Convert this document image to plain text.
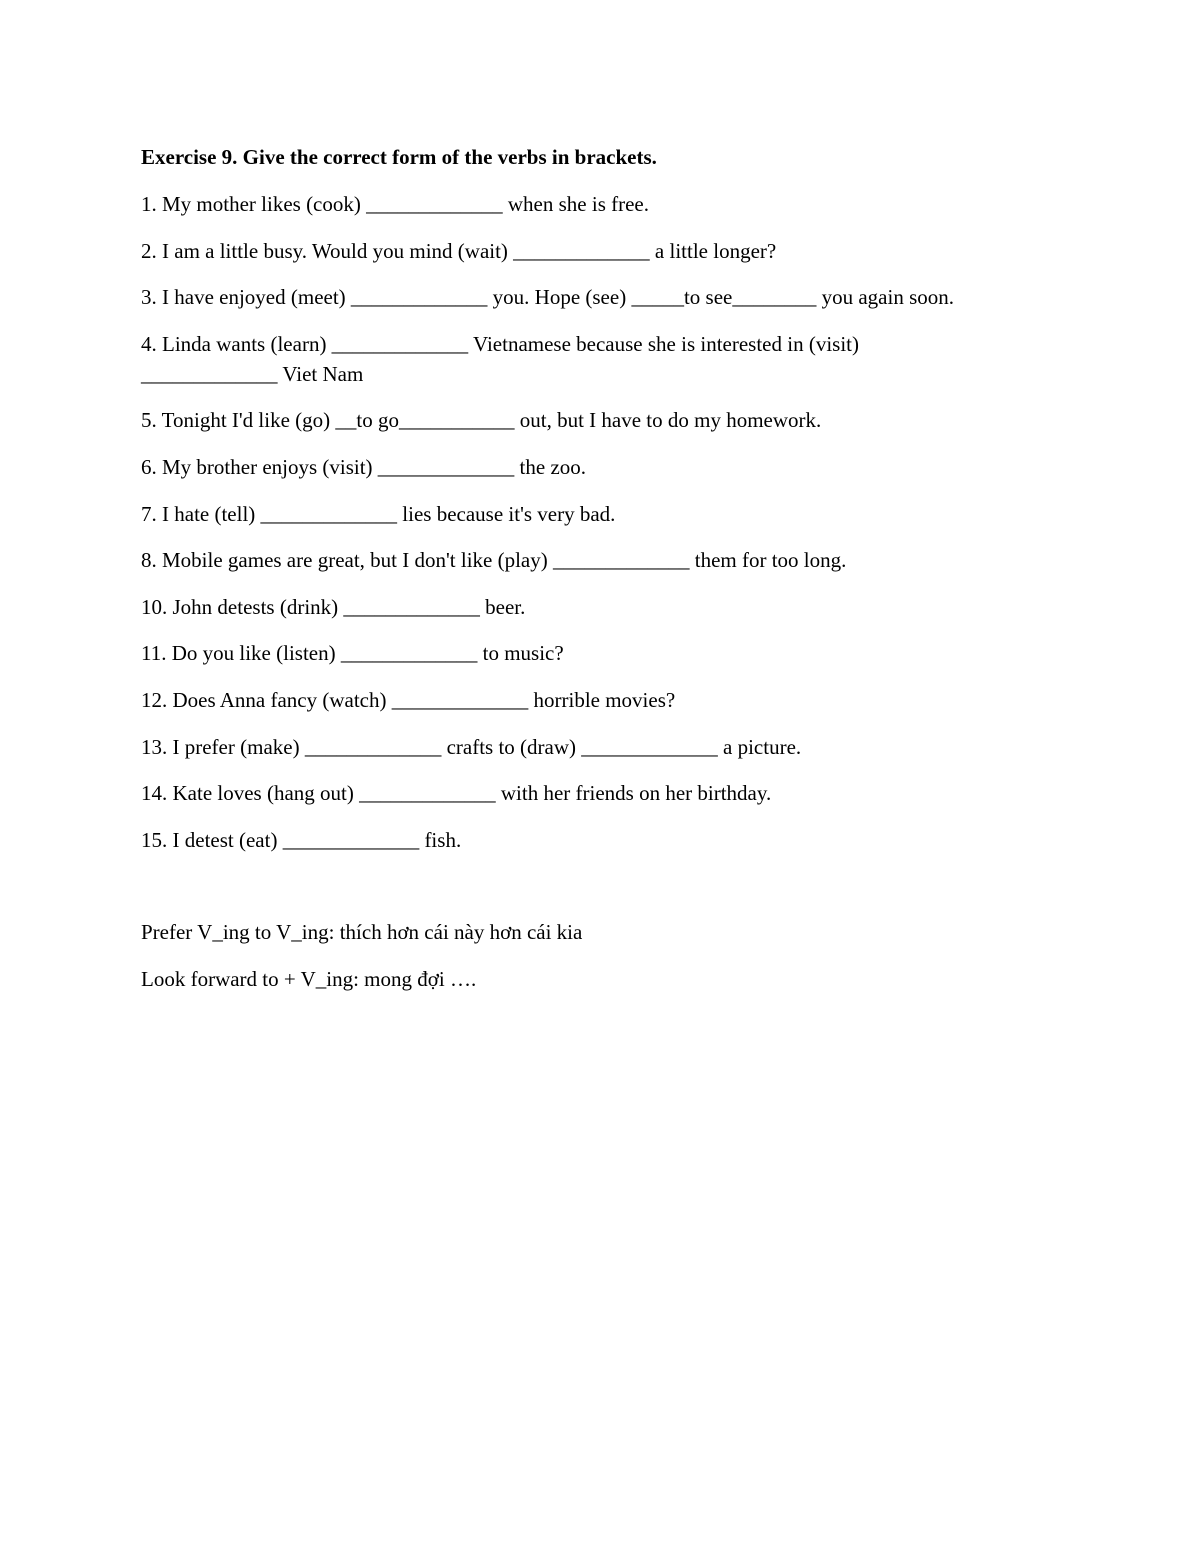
Exercise 9. Give the correct form of the verbs in brackets.
1. My mother likes (cook) _____________ when she is free.
2. I am a little busy. Would you mind (wait) _____________ a little longer?
3. I have enjoyed (meet) _____________ you. Hope (see) _____to see________ you again soon.
4. Linda wants (learn) _____________ Vietnamese because she is interested in (visit)
_____________ Viet Nam
5. Tonight I'd like (go) __to go___________ out, but I have to do my homework.
6. My brother enjoys (visit) _____________ the zoo.
7. I hate (tell) _____________ lies because it's very bad.
8. Mobile games are great, but I don't like (play) _____________ them for too long.
10. John detests (drink) _____________ beer.
11. Do you like (listen) _____________ to music?
12. Does Anna fancy (watch) _____________ horrible movies?
13. I prefer (make) _____________ crafts to (draw) _____________ a picture.
14. Kate loves (hang out) _____________ with her friends on her birthday.
15. I detest (eat) _____________ fish.
Prefer V_ing to V_ing: thích hơn cái này hơn cái kia
Look forward to + V_ing: mong đợi ….
